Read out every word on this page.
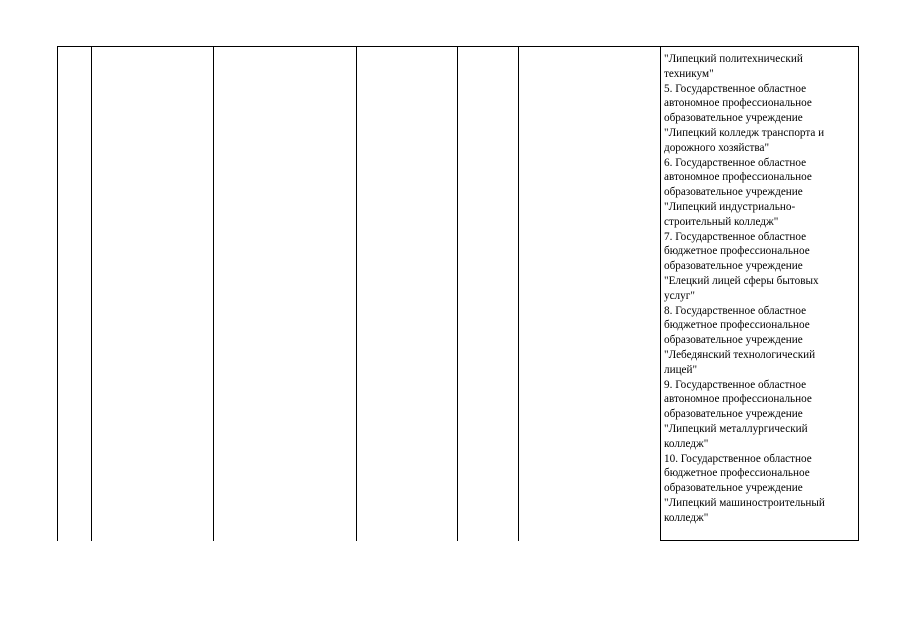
"Липецкий политехнический
техникум"
5. Государственное областное
автономное профессиональное
образовательное учреждение
"Липецкий колледж транспорта и
дорожного хозяйства"
6. Государственное областное
автономное профессиональное
образовательное учреждение
"Липецкий индустриально-
строительный колледж"
7. Государственное областное
бюджетное профессиональное
образовательное учреждение
"Елецкий лицей сферы бытовых
услуг"
8. Государственное областное
бюджетное профессиональное
образовательное учреждение
"Лебедянский технологический
лицей"
9. Государственное областное
автономное профессиональное
образовательное учреждение
"Липецкий металлургический
колледж"
10. Государственное областное
бюджетное профессиональное
образовательное учреждение
"Липецкий машиностроительный
колледж"
